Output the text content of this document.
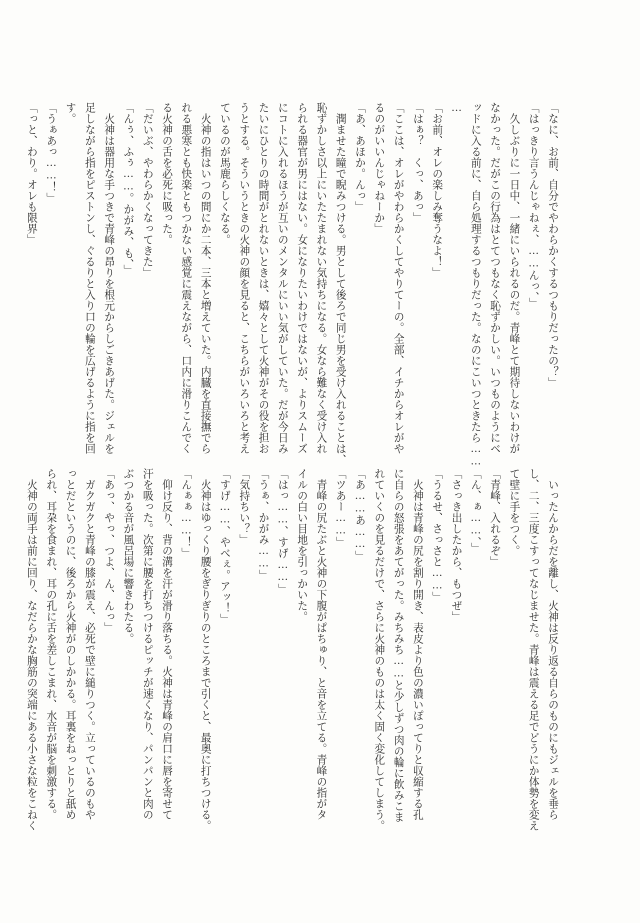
「なに、お前、自分でやわらかくするつもりだったの？」
「はっきり言うんじゃねぇ、……んっ、」
　久しぶりに一日中、一緒にいられるのだ。青峰とて期待しないわけが
なかった。だがこの行為はとてつもなく恥ずかしい。いつものようにベ
ッドに入る前に、自ら処理するつもりだった。なのにこいつときたら……
…
「お前、オレの楽しみ奪うなよ！」
「はぁ？　くっ、あっ」
「ここは、オレがやわらかくしてやりてーの。全部、イチからオレがや
るのがいいんじゃねーか」
「あ、あほか。んっ」
　潤ませた瞳で睨みつける。男として後ろで同じ男を受け入れることは、
恥ずかしさ以上にいたたまれない気持ちになる。女なら難なく受け入れ
られる器官が男にはない。女になりたいわけではないが、よりスムーズ
にコトに入れるほうが互いのメンタルにいい気がしていた。だが今日み
たいにひとりの時間がとれないときは、嬉々として火神がその役を担お
うとする。そういうときの火神の顔を見ると、こちらがいろいろと考え
ているのが馬鹿らしくなる。
　火神の指はいつの間にか二本、三本と増えていた。内臓を直接撫でら
れる悪寒とも快楽ともつかない感覚に震えながら、口内に滑りこんでく
る火神の舌を必死に吸った。
「だいぶ、やわらかくなってきた」
「んぅ、ふぅ……。かがみ、も、」
　火神は器用な手つきで青峰の昂りを根元からしごきあげた。ジェルを
足しながら指をピストンし、ぐるりと入り口の輪を広げるように指を回
す。
「うぁあっ……！」
「っと、わり。オレも限界」
　いったんからだを離し、火神は反り返る自らのものにもジェルを垂ら
し、二、三度こすってなじませた。青峰は震える足でどうにか体勢を変え
て壁に手をつく。
「青峰、入れるぞ」
「ん、ぁ……、」
「さっき出したから、もつぜ」
「うるせ、さっさと……」
　火神は青峰の尻を割り開き、表皮より色の濃いぽってりと収縮する孔
に自らの怒張をあてがった。みちみち……と少しずつ肉の輪に飲みこま
れていくのを見るだけで、さらに火神のものは太く固く変化してしまう。
「あ……あ……」
「ツあー……」
　青峰の尻たぶと火神の下腹がぱちゅり、と音を立てる。青峰の指がタ
イルの白い目地を引っかいた。
「はっ……、すげ……」
「うぁ、かがみ……」
「気持ちい？」
「すげ……、やべぇ。アッ！」
　火神はゆっくり腰をぎりぎりのところまで引くと、最奥に打ちつける。
「んぁぁ……！」
　仰け反り、背の溝を汗が滑り落ちる。火神は青峰の肩口に唇を寄せて
汗を吸った。次第に腰を打ちつけるピッチが速くなり、パンパンと肉の
ぶつかる音が風呂場に響きわたる。
「あっ、やっ、つよ、ん、んっ」
　ガクガクと青峰の膝が震え、必死で壁に縋りつく。立っているのもや
っとだというのに、後ろから火神がのしかかる。耳裏をねっとりと舐め
られ、耳朶を食まれ、耳の孔に舌を差しこまれ、水音が脳を刺激する。
　火神の両手は前に回り、なだらかな胸筋の突端にある小さな粒をこねく
